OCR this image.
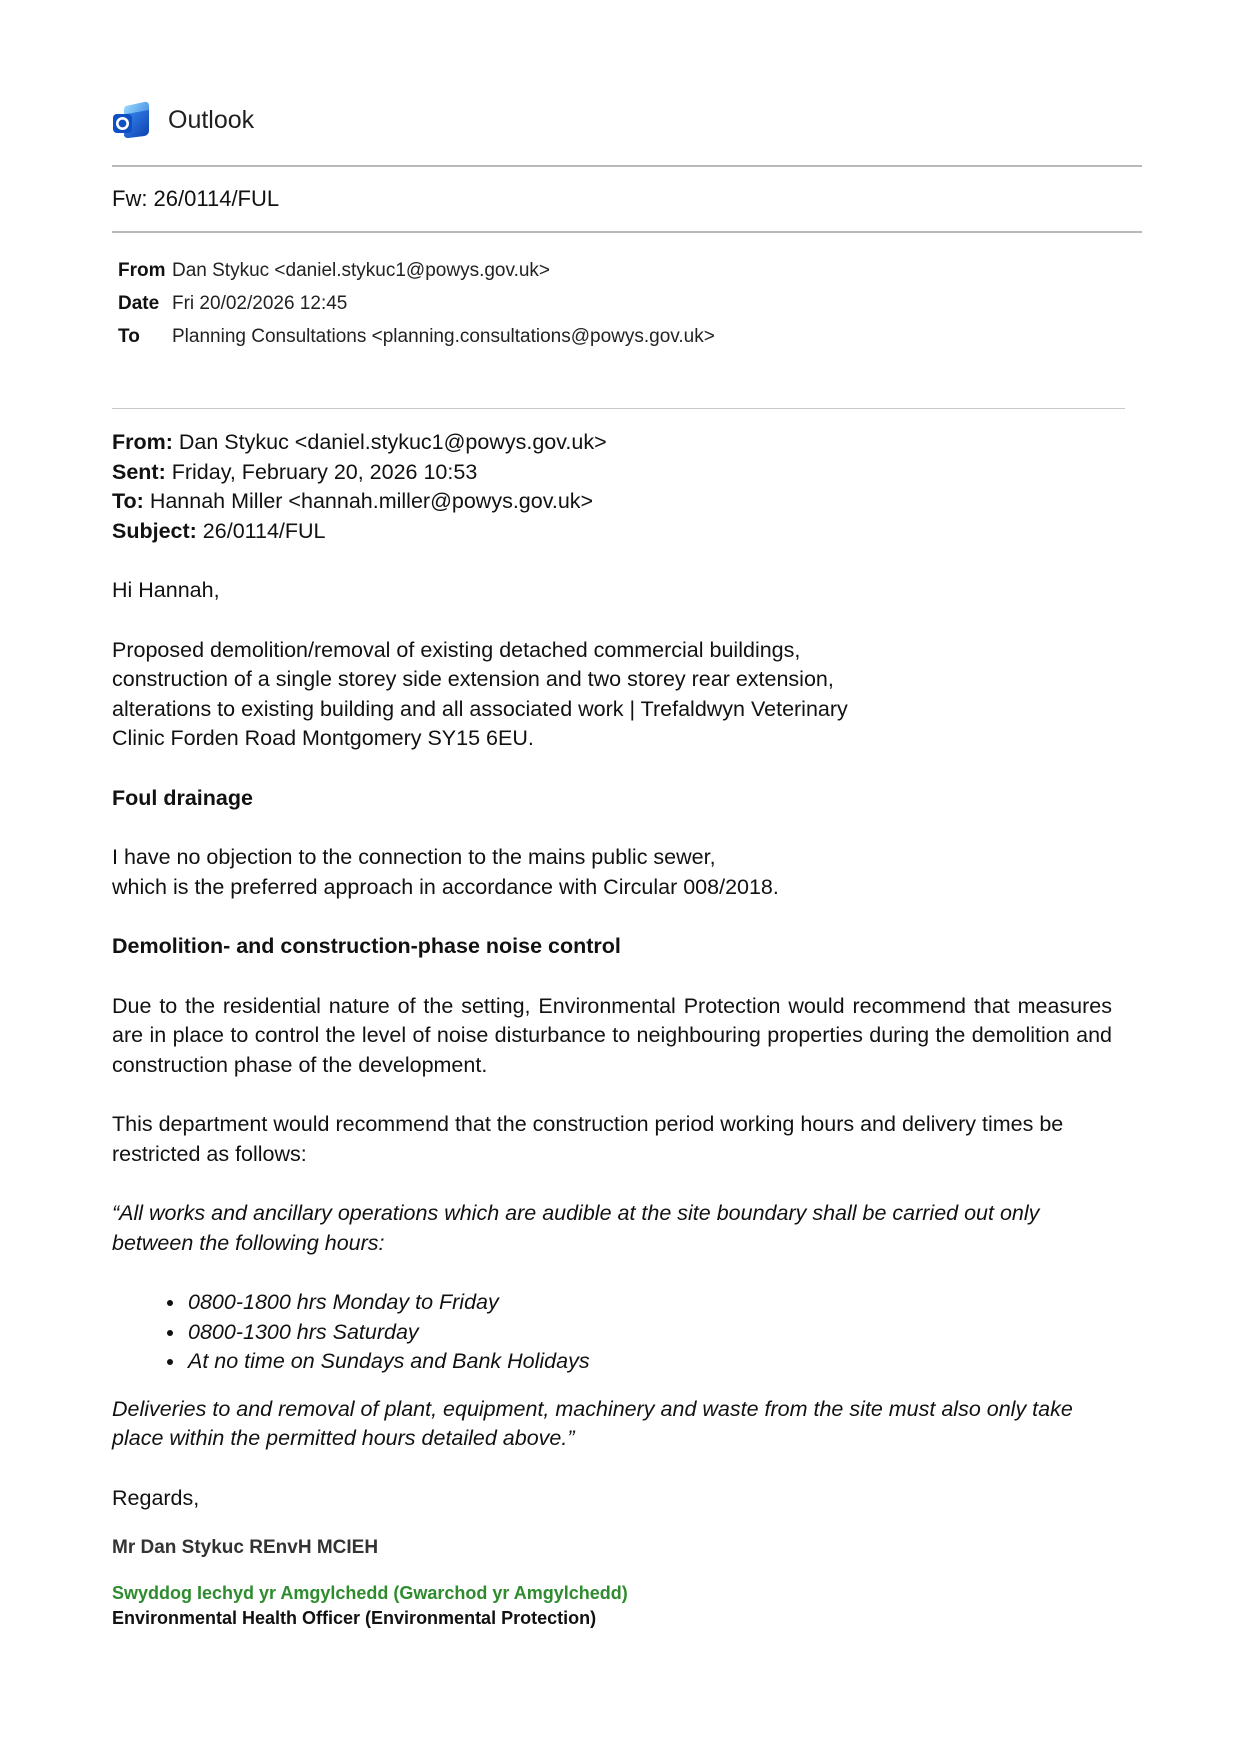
Outlook
Fw: 26/0114/FUL
From Dan Stykuc <daniel.stykuc1@powys.gov.uk>
Date Fri 20/02/2026 12:45
To	Planning Consultations <planning.consultations@powys.gov.uk>

From: Dan Stykuc <daniel.stykuc1@powys.gov.uk>

Sent: Friday, February 20, 2026 10:53

To: Hannah Miller <hannah.miller@powys.gov.uk>

Subject: 26/0114/FUL

Hi Hannah,

Proposed demolition/removal of existing detached commercial buildings,

construction of a single storey side extension and two storey rear extension,

alterations to existing building and all associated work | Trefaldwyn Veterinary

Clinic Forden Road Montgomery SY15 6EU.

Foul drainage

I have no objection to the connection to the mains public sewer,

which is the preferred approach in accordance with Circular 008/2018.

Demolition- and construction-phase noise control

Due to the residential nature of the setting, Environmental Protection would recommend that measures are in place to control the level of noise disturbance to neighbouring properties during the demolition and construction phase of the development.

This department would recommend that the construction period working hours and delivery times be restricted as follows:

“All works and ancillary operations which are audible at the site boundary shall be carried out only between the following hours:

• 0800-1800 hrs Monday to Friday
• 0800-1300 hrs Saturday
• At no time on Sundays and Bank Holidays

Deliveries to and removal of plant, equipment, machinery and waste from the site must also only take place within the permitted hours detailed above.”

Regards,

Mr Dan Stykuc REnvH MCIEH

Swyddog Iechyd yr Amgylchedd (Gwarchod yr Amgylchedd)

Environmental Health Officer (Environmental Protection)
